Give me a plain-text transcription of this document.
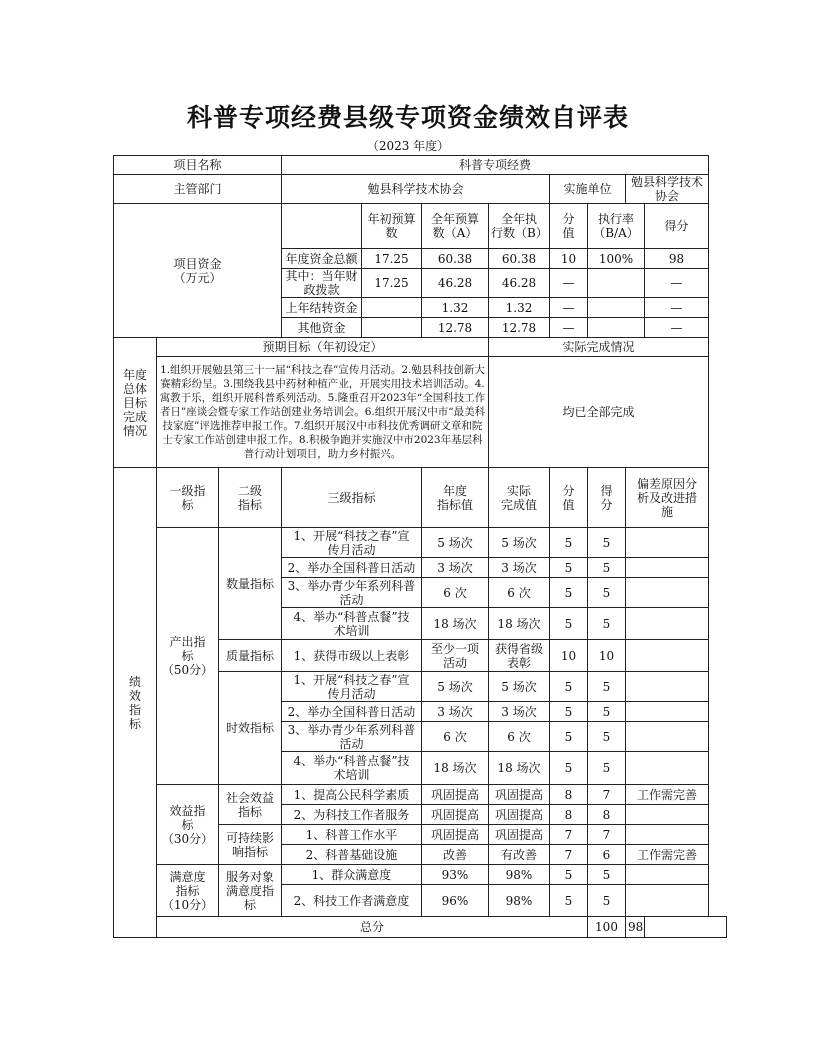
科普专项经费县级专项资金绩效自评表
（2023 年度）
项目名称			科普专项经费							
主管部门			勉县科学技术协会				实施单位		勉县科学技术协会	

项目资金
（万元）				年初预算
数	全年预算
数（A）	全年执
行数（B）	分
值	执行率
（B/A）		得分
			年度资金总额	17.25	60.38	60.38	10	100%		98
			其中：当年财政拨款	17.25	46.28	46.28	—			—
			上年结转资金		1.32	1.32	—			—
			其他资金		12.78	12.78	—			—

年度
总体
目标
完成
情况	预期目标（年初设定）					实际完成情况				
	1.组织开展勉县第三十一届“科技之春”宣传月活动。2.勉县科技创新大赛精彩纷呈。3.围绕我县中药材种植产业，开展实用技术培训活动。4.寓教于乐，组织开展科普系列活动。5.隆重召开2023年“全国科技工作者日”座谈会暨专家工作站创建业务培训会。6.组织开展汉中市“最美科技家庭”评选推荐申报工作。7.组织开展汉中市科技优秀调研文章和院士专家工作站创建申报工作。8.积极争跑并实施汉中市2023年基层科普行动计划项目，助力乡村振兴。					均已全部完成				

绩
效
指
标	一级指
标	二级
指标	三级指标		年度
指标值	实际
完成值	分
值	得
分	偏差原因分
析及改进措
施	

	产出指
标
（50分）	数量指标	1、开展“科技之春”宣
传月活动		5 场次	5 场次	5	5		
			2、举办全国科普日活动		3 场次	3 场次	5	5		

			3、举办青少年系列科普
活动		6 次	6 次	5	5		

			4、举办“科普点餐”技
术培训		18 场次	18 场次	5	5		
		质量指标	1、获得市级以上表彰		至少一项
活动	获得省级
表彰	10	10		
		时效指标	1、开展“科技之春”宣
传月活动		5 场次	5 场次	5	5		
			2、举办全国科普日活动		3 场次	3 场次	5	5		

			3、举办青少年系列科普
活动		6 次	6 次	5	5		

			4、举办“科普点餐”技
术培训		18 场次	18 场次	5	5		

	效益指
标
（30分）	社会效益
指标	1、提高公民科学素质		巩固提高	巩固提高	8	7	工作需完善	
			2、为科技工作者服务		巩固提高	巩固提高	8	8		

		可持续影
响指标	1、科普工作水平		巩固提高	巩固提高	7	7		
			2、科普基础设施		改善	有改善	7	6	工作需完善	

	满意度
指标
（10分）	服务对象
满意度指
标	1、群众满意度		93%	98%	5	5		
			2、科技工作者满意度		96%	98%	5	5		
	总分							100	98	
